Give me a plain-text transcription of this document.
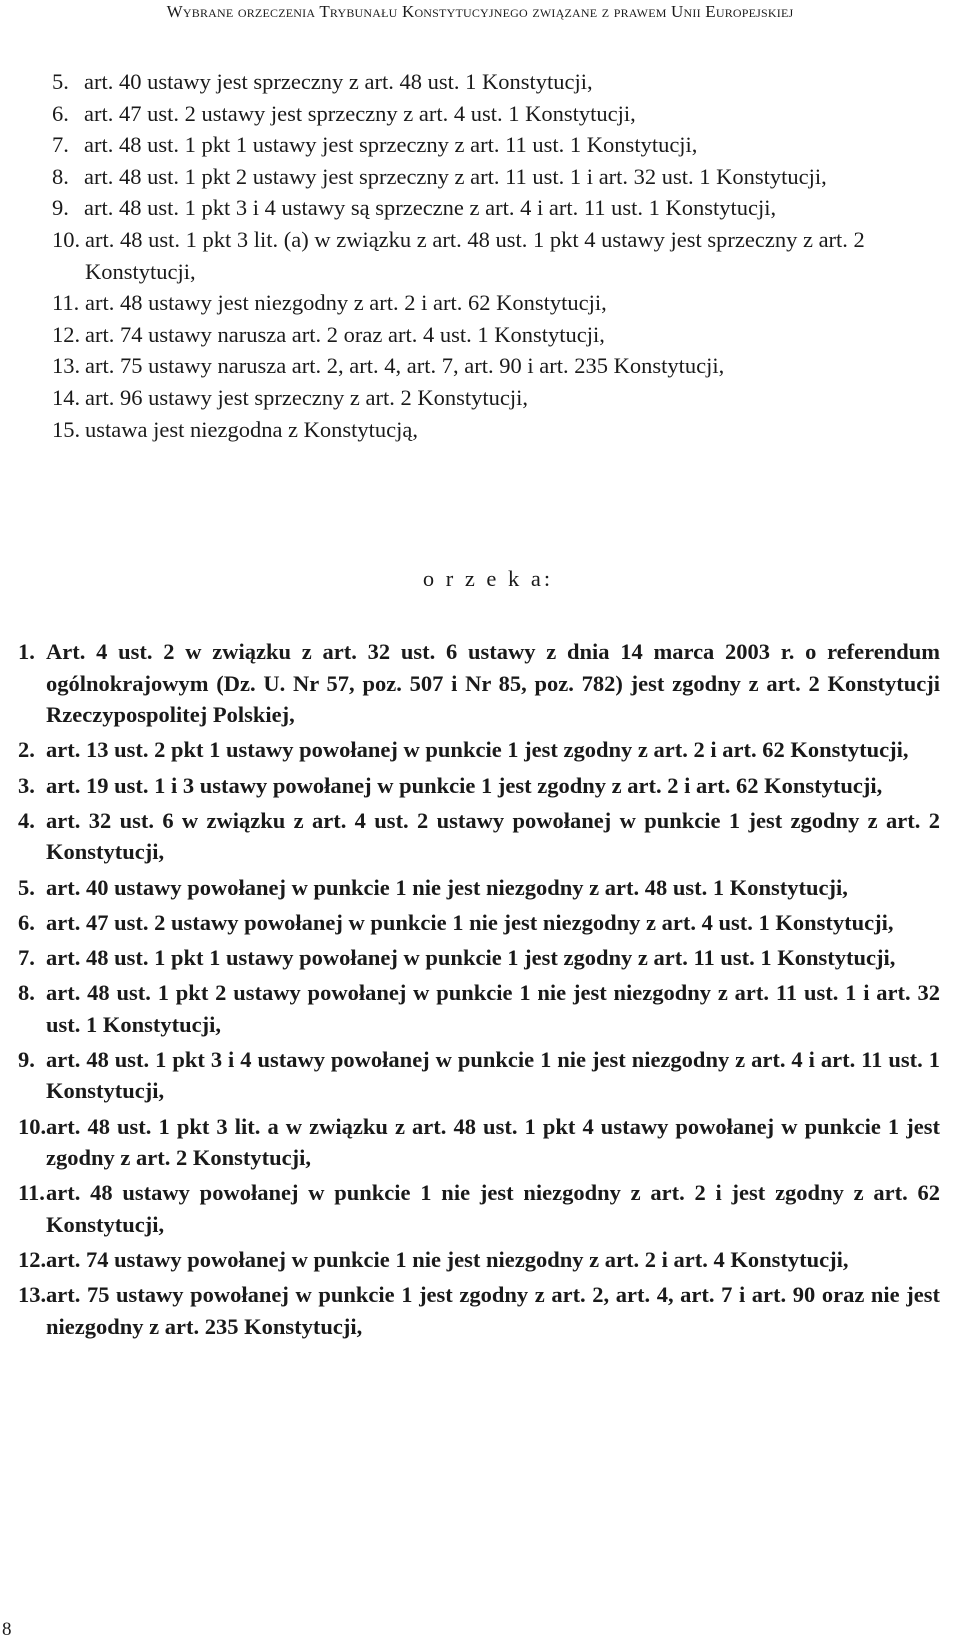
Wybrane orzeczenia Trybunału Konstytucyjnego związane z prawem Unii Europejskiej
5. art. 40 ustawy jest sprzeczny z art. 48 ust. 1 Konstytucji,
6. art. 47 ust. 2 ustawy jest sprzeczny z art. 4 ust. 1 Konstytucji,
7. art. 48 ust. 1 pkt 1 ustawy jest sprzeczny z art. 11 ust. 1 Konstytucji,
8. art. 48 ust. 1 pkt 2 ustawy jest sprzeczny z art. 11 ust. 1 i art. 32 ust. 1 Konstytucji,
9. art. 48 ust. 1 pkt 3 i 4 ustawy są sprzeczne z art. 4 i art. 11 ust. 1 Konstytucji,
10. art. 48 ust. 1 pkt 3 lit. (a) w związku z art. 48 ust. 1 pkt 4 ustawy jest sprzeczny z art. 2 Konstytucji,
11. art. 48 ustawy jest niezgodny z art. 2 i art. 62 Konstytucji,
12. art. 74 ustawy narusza art. 2 oraz art. 4 ust. 1 Konstytucji,
13. art. 75 ustawy narusza art. 2, art. 4, art. 7, art. 90 i art. 235 Konstytucji,
14. art. 96 ustawy jest sprzeczny z art. 2 Konstytucji,
15. ustawa jest niezgodna z Konstytucją,
o r z e k a:
1. Art. 4 ust. 2 w związku z art. 32 ust. 6 ustawy z dnia 14 marca 2003 r. o referendum ogólnokrajowym (Dz. U. Nr 57, poz. 507 i Nr 85, poz. 782) jest zgodny z art. 2 Konstytucji Rzeczypospolitej Polskiej,
2. art. 13 ust. 2 pkt 1 ustawy powołanej w punkcie 1 jest zgodny z art. 2 i art. 62 Konstytucji,
3. art. 19 ust. 1 i 3 ustawy powołanej w punkcie 1 jest zgodny z art. 2 i art. 62 Konstytucji,
4. art. 32 ust. 6 w związku z art. 4 ust. 2 ustawy powołanej w punkcie 1 jest zgodny z art. 2 Konstytucji,
5. art. 40 ustawy powołanej w punkcie 1 nie jest niezgodny z art. 48 ust. 1 Konstytucji,
6. art. 47 ust. 2 ustawy powołanej w punkcie 1 nie jest niezgodny z art. 4 ust. 1 Konstytucji,
7. art. 48 ust. 1 pkt 1 ustawy powołanej w punkcie 1 jest zgodny z art. 11 ust. 1 Konstytucji,
8. art. 48 ust. 1 pkt 2 ustawy powołanej w punkcie 1 nie jest niezgodny z art. 11 ust. 1 i art. 32 ust. 1 Konstytucji,
9. art. 48 ust. 1 pkt 3 i 4 ustawy powołanej w punkcie 1 nie jest niezgodny z art. 4 i art. 11 ust. 1 Konstytucji,
10. art. 48 ust. 1 pkt 3 lit. a w związku z art. 48 ust. 1 pkt 4 ustawy powołanej w punkcie 1 jest zgodny z art. 2 Konstytucji,
11. art. 48 ustawy powołanej w punkcie 1 nie jest niezgodny z art. 2 i jest zgodny z art. 62 Konstytucji,
12. art. 74 ustawy powołanej w punkcie 1 nie jest niezgodny z art. 2 i art. 4 Konstytucji,
13. art. 75 ustawy powołanej w punkcie 1 jest zgodny z art. 2, art. 4, art. 7 i art. 90 oraz nie jest niezgodny z art. 235 Konstytucji,
8
